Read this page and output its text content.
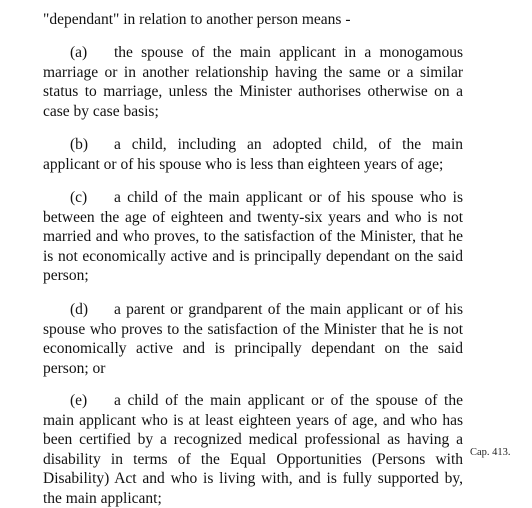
"dependant" in relation to another person means -

(a) the spouse of the main applicant in a monogamous marriage or in another relationship having the same or a similar status to marriage, unless the Minister authorises otherwise on a case by case basis;

(b) a child, including an adopted child, of the main applicant or of his spouse who is less than eighteen years of age;

(c) a child of the main applicant or of his spouse who is between the age of eighteen and twenty-six years and who is not married and who proves, to the satisfaction of the Minister, that he is not economically active and is principally dependant on the said person;

(d) a parent or grandparent of the main applicant or of his spouse who proves to the satisfaction of the Minister that he is not economically active and is principally dependant on the said person; or

(e) a child of the main applicant or of the spouse of the main applicant who is at least eighteen years of age, and who has been certified by a recognized medical professional as having a disability in terms of the Equal Opportunities (Persons with Disability) Act and who is living with, and is fully supported by, the main applicant;

Cap. 413.
